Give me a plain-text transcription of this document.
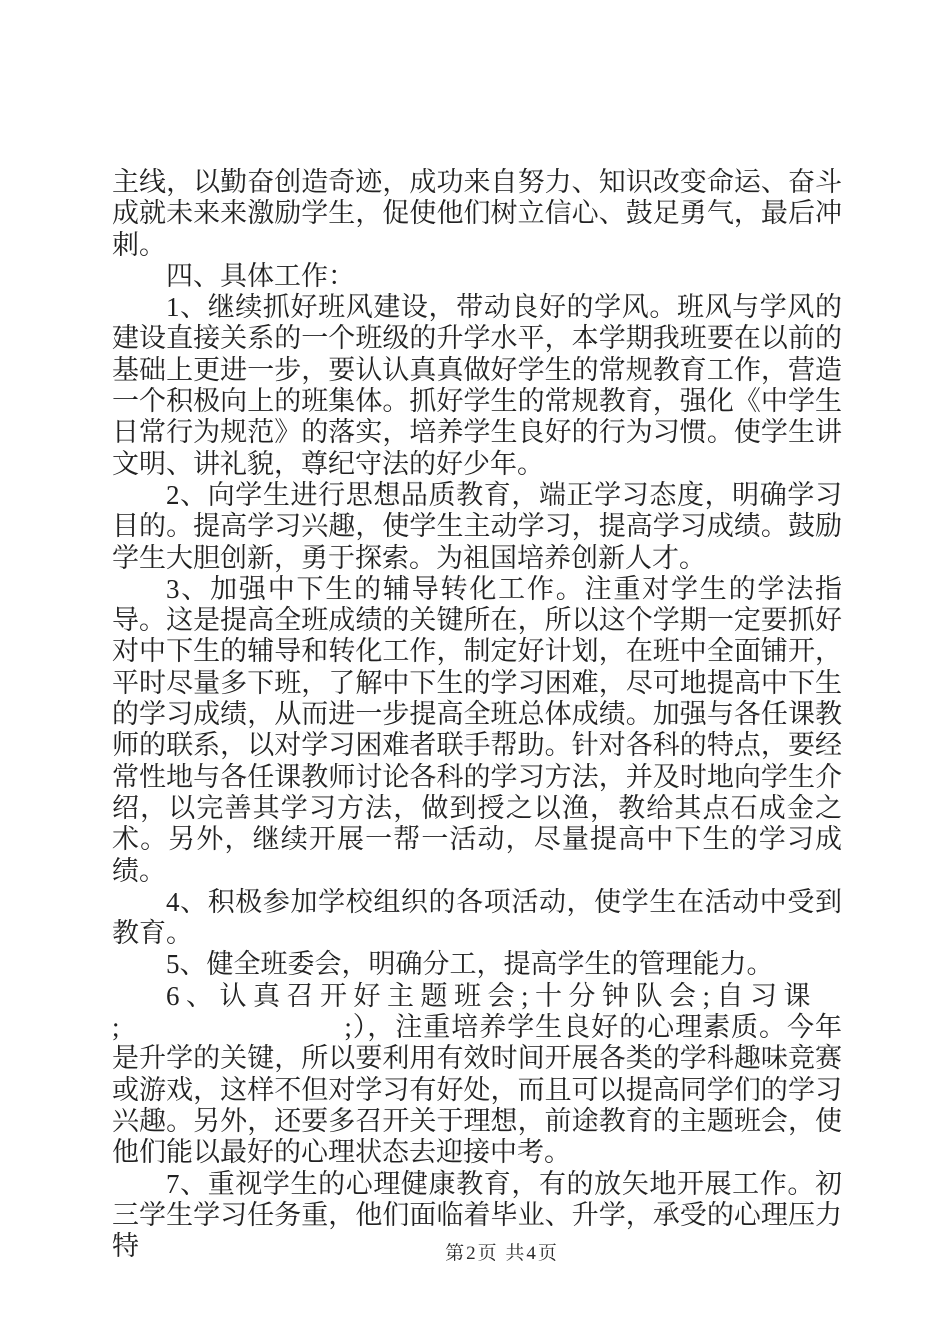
主线，以勤奋创造奇迹，成功来自努力、知识改变命运、奋斗成就未来来激励学生，促使他们树立信心、鼓足勇气，最后冲刺。

四、具体工作：

1、继续抓好班风建设，带动良好的学风。班风与学风的建设直接关系的一个班级的升学水平，本学期我班要在以前的基础上更进一步，要认认真真做好学生的常规教育工作，营造一个积极向上的班集体。抓好学生的常规教育，强化《中学生日常行为规范》的落实，培养学生良好的行为习惯。使学生讲文明、讲礼貌，尊纪守法的好少年。

2、向学生进行思想品质教育，端正学习态度，明确学习目的。提高学习兴趣，使学生主动学习，提高学习成绩。鼓励学生大胆创新，勇于探索。为祖国培养创新人才。

3、加强中下生的辅导转化工作。注重对学生的学法指导。这是提高全班成绩的关键所在，所以这个学期一定要抓好对中下生的辅导和转化工作，制定好计划，在班中全面铺开，平时尽量多下班，了解中下生的学习困难，尽可地提高中下生的学习成绩，从而进一步提高全班总体成绩。加强与各任课教师的联系，以对学习困难者联手帮助。针对各科的特点，要经常性地与各任课教师讨论各科的学习方法，并及时地向学生介绍，以完善其学习方法，做到授之以渔，教给其点石成金之术。另外，继续开展一帮一活动，尽量提高中下生的学习成绩。

4、积极参加学校组织的各项活动，使学生在活动中受到教育。

5、健全班委会，明确分工，提高学生的管理能力。

6、认真召开好主题班会;十分钟队会;自习课
;　　　　　　　　;），注重培养学生良好的心理素质。今年是升学的关键，所以要利用有效时间开展各类的学科趣味竞赛或游戏，这样不但对学习有好处，而且可以提高同学们的学习兴趣。另外，还要多召开关于理想，前途教育的主题班会，使他们能以最好的心理状态去迎接中考。

7、重视学生的心理健康教育，有的放矢地开展工作。初三学生学习任务重，他们面临着毕业、升学，承受的心理压力特	第2页 共4页
